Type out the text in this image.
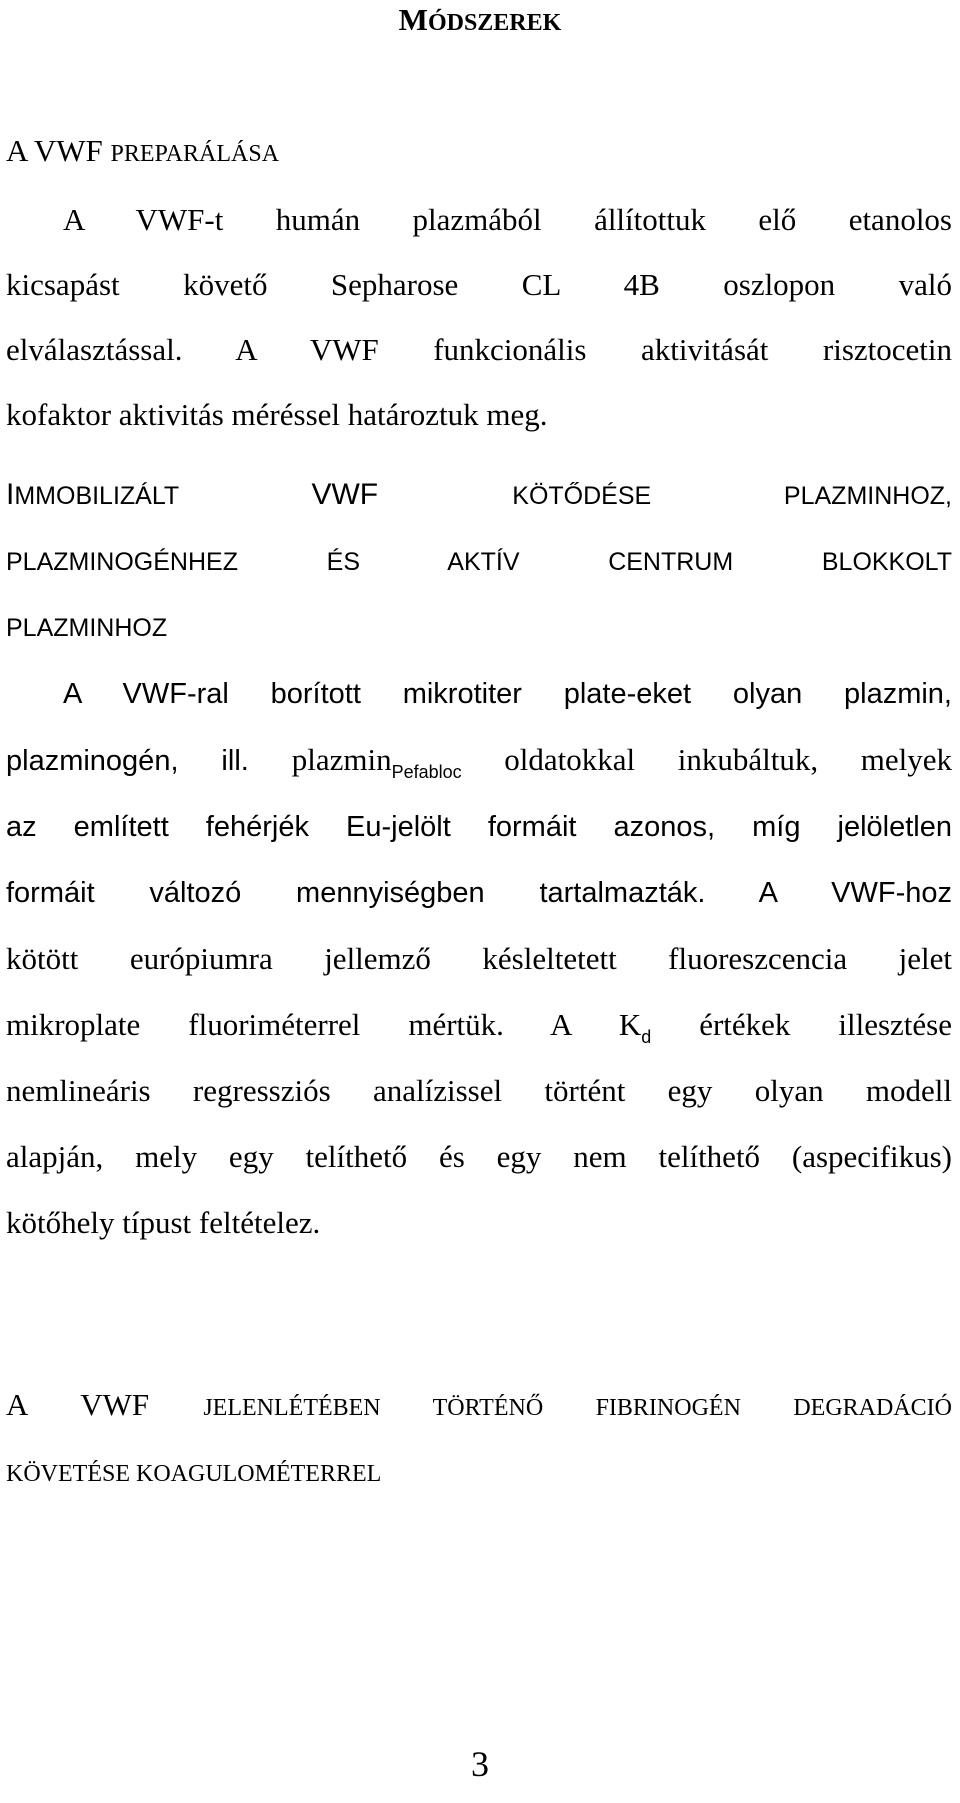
MÓDSZEREK
A VWF PREPARÁLÁSA
A VWF-t humán plazmából állítottuk elő etanolos
kicsapást követő Sepharose CL 4B oszlopon való
elválasztással. A VWF funkcionális aktivitását risztocetin
kofaktor aktivitás méréssel határoztuk meg.
IMMOBILIZÁLT VWF KÖTŐDÉSE PLAZMINHOZ,
PLAZMINOGÉNHEZ ÉS AKTÍV CENTRUM BLOKKOLT
PLAZMINHOZ
A VWF-ral borított mikrotiter plate-eket olyan plazmin,
plazminogén, ill. plazmin$_{Pefabloc}$ oldatokkal inkubáltuk, melyek
az említett fehérjék Eu-jelölt formáit azonos, míg jelöletlen
formáit változó mennyiségben tartalmazták. A VWF-hoz
kötött európiumra jellemző késleltetett fluoreszcencia jelet
mikroplate fluoriméterrel mértük. A $K_d$ értékek illesztése
nemlineáris regressziós analízissel történt egy olyan modell
alapján, mely egy telíthető és egy nem telíthető (aspecifikus)
kötőhely típust feltételez.
A VWF JELENLÉTÉBEN TÖRTÉNŐ FIBRINOGÉN DEGRADÁCIÓ
KÖVETÉSE KOAGULOMÉTERREL
3
